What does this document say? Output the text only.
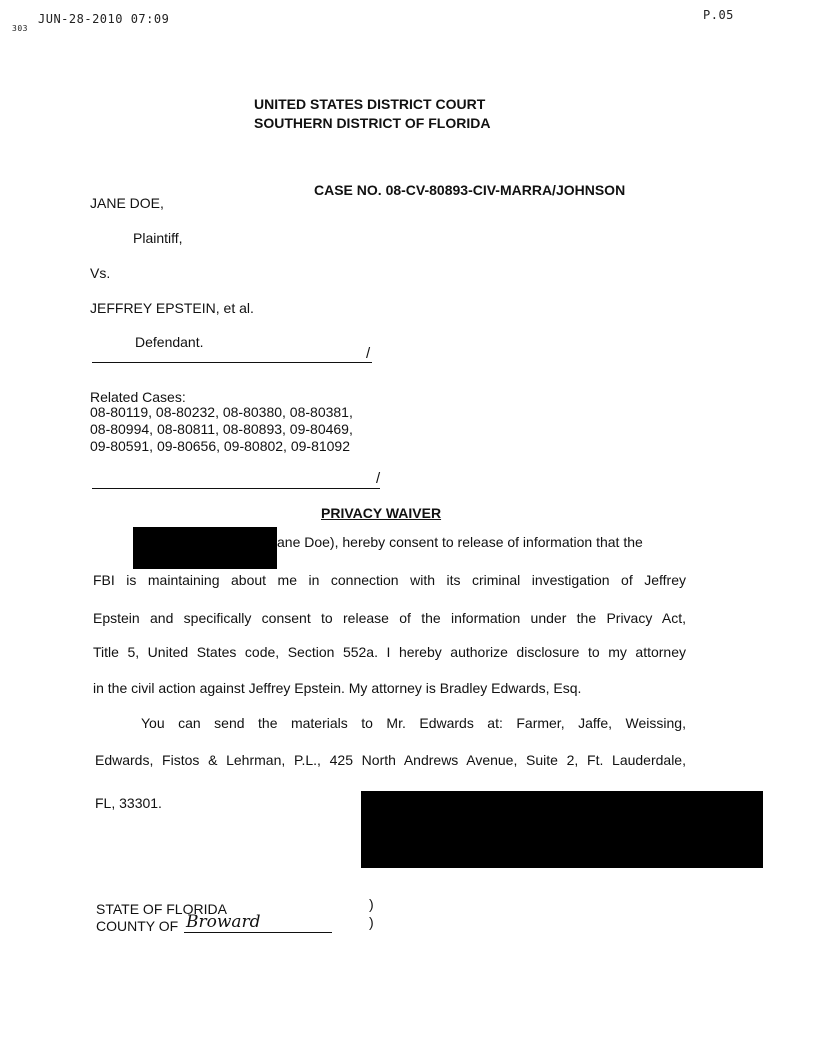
JUN-28-2010 07:09	P.05
303
UNITED STATES DISTRICT COURT
SOUTHERN DISTRICT OF FLORIDA
JANE DOE,
CASE NO. 08-CV-80893-CIV-MARRA/JOHNSON
Plaintiff,
Vs.
JEFFREY EPSTEIN, et al.
Defendant.
/
Related Cases:
08-80119, 08-80232, 08-80380, 08-80381,
08-80994, 08-80811, 08-80893, 09-80469,
09-80591, 09-80656, 09-80802, 09-81092
/
PRIVACY WAIVER
ane Doe), hereby consent to release of information that the
FBI is maintaining about me in connection with its criminal investigation of Jeffrey
Epstein and specifically consent to release of the information under the Privacy Act,
Title 5, United States code, Section 552a. I hereby authorize disclosure to my attorney
in the civil action against Jeffrey Epstein. My attorney is Bradley Edwards, Esq.
You can send the materials to Mr. Edwards at: Farmer, Jaffe, Weissing,
Edwards, Fistos & Lehrman, P.L., 425 North Andrews Avenue, Suite 2, Ft. Lauderdale,
FL, 33301.
STATE OF FLORIDA
COUNTY OF Broward
)
)
